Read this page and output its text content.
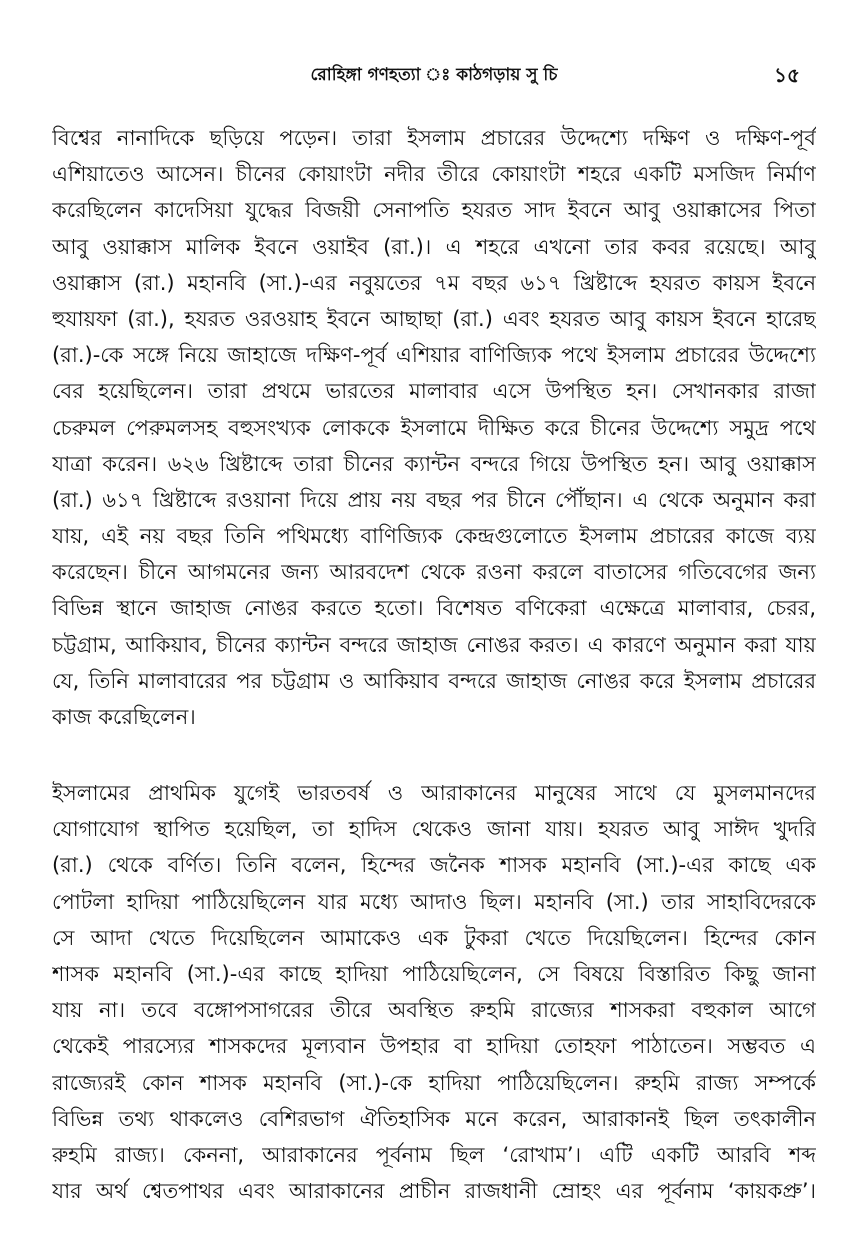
রোহিঙ্গা গণহত্যা ঃ কাঠগড়ায় সু চি	১৫
বিশ্বের নানাদিকে ছড়িয়ে পড়েন। তারা ইসলাম প্রচারের উদ্দেশ্যে দক্ষিণ ও দক্ষিণ-পূর্ব
এশিয়াতেও আসেন। চীনের কোয়াংটা নদীর তীরে কোয়াংটা শহরে একটি মসজিদ নির্মাণ
করেছিলেন কাদেসিয়া যুদ্ধের বিজয়ী সেনাপতি হযরত সাদ ইবনে আবু ওয়াক্কাসের পিতা
আবু ওয়াক্কাস মালিক ইবনে ওয়াইব (রা.)। এ শহরে এখনো তার কবর রয়েছে। আবু
ওয়াক্কাস (রা.) মহানবি (সা.)-এর নবুয়তের ৭ম বছর ৬১৭ খ্রিষ্টাব্দে হযরত কায়স ইবনে
হুযায়ফা (রা.), হযরত ওরওয়াহ ইবনে আছাছা (রা.) এবং হযরত আবু কায়স ইবনে হারেছ
(রা.)-কে সঙ্গে নিয়ে জাহাজে দক্ষিণ-পূর্ব এশিয়ার বাণিজ্যিক পথে ইসলাম প্রচারের উদ্দেশ্যে
বের হয়েছিলেন। তারা প্রথমে ভারতের মালাবার এসে উপস্থিত হন। সেখানকার রাজা
চেরুমল পেরুমলসহ বহুসংখ্যক লোককে ইসলামে দীক্ষিত করে চীনের উদ্দেশ্যে সমুদ্র পথে
যাত্রা করেন। ৬২৬ খ্রিষ্টাব্দে তারা চীনের ক্যান্টন বন্দরে গিয়ে উপস্থিত হন। আবু ওয়াক্কাস
(রা.) ৬১৭ খ্রিষ্টাব্দে রওয়ানা দিয়ে প্রায় নয় বছর পর চীনে পৌঁছান। এ থেকে অনুমান করা
যায়, এই নয় বছর তিনি পথিমধ্যে বাণিজ্যিক কেন্দ্রগুলোতে ইসলাম প্রচারের কাজে ব্যয়
করেছেন। চীনে আগমনের জন্য আরবদেশ থেকে রওনা করলে বাতাসের গতিবেগের জন্য
বিভিন্ন স্থানে জাহাজ নোঙর করতে হতো। বিশেষত বণিকেরা এক্ষেত্রে মালাবার, চেরর,
চট্টগ্রাম, আকিয়াব, চীনের ক্যান্টন বন্দরে জাহাজ নোঙর করত। এ কারণে অনুমান করা যায়
যে, তিনি মালাবারের পর চট্টগ্রাম ও আকিয়াব বন্দরে জাহাজ নোঙর করে ইসলাম প্রচারের
কাজ করেছিলেন।
ইসলামের প্রাথমিক যুগেই ভারতবর্ষ ও আরাকানের মানুষের সাথে যে মুসলমানদের
যোগাযোগ স্থাপিত হয়েছিল, তা হাদিস থেকেও জানা যায়। হযরত আবু সাঈদ খুদরি
(রা.) থেকে বর্ণিত। তিনি বলেন, হিন্দের জনৈক শাসক মহানবি (সা.)-এর কাছে এক
পোটলা হাদিয়া পাঠিয়েছিলেন যার মধ্যে আদাও ছিল। মহানবি (সা.) তার সাহাবিদেরকে
সে আদা খেতে দিয়েছিলেন আমাকেও এক টুকরা খেতে দিয়েছিলেন। হিন্দের কোন
শাসক মহানবি (সা.)-এর কাছে হাদিয়া পাঠিয়েছিলেন, সে বিষয়ে বিস্তারিত কিছু জানা
যায় না। তবে বঙ্গোপসাগরের তীরে অবস্থিত রুহমি রাজ্যের শাসকরা বহুকাল আগে
থেকেই পারস্যের শাসকদের মূল্যবান উপহার বা হাদিয়া তোহফা পাঠাতেন। সম্ভবত এ
রাজ্যেরই কোন শাসক মহানবি (সা.)-কে হাদিয়া পাঠিয়েছিলেন। রুহমি রাজ্য সম্পর্কে
বিভিন্ন তথ্য থাকলেও বেশিরভাগ ঐতিহাসিক মনে করেন, আরাকানই ছিল তৎকালীন
রুহমি রাজ্য। কেননা, আরাকানের পূর্বনাম ছিল ‘রোখাম’। এটি একটি আরবি শব্দ
যার অর্থ শ্বেতপাথর এবং আরাকানের প্রাচীন রাজধানী ম্রোহং এর পূর্বনাম ‘কায়কপ্রু’।
